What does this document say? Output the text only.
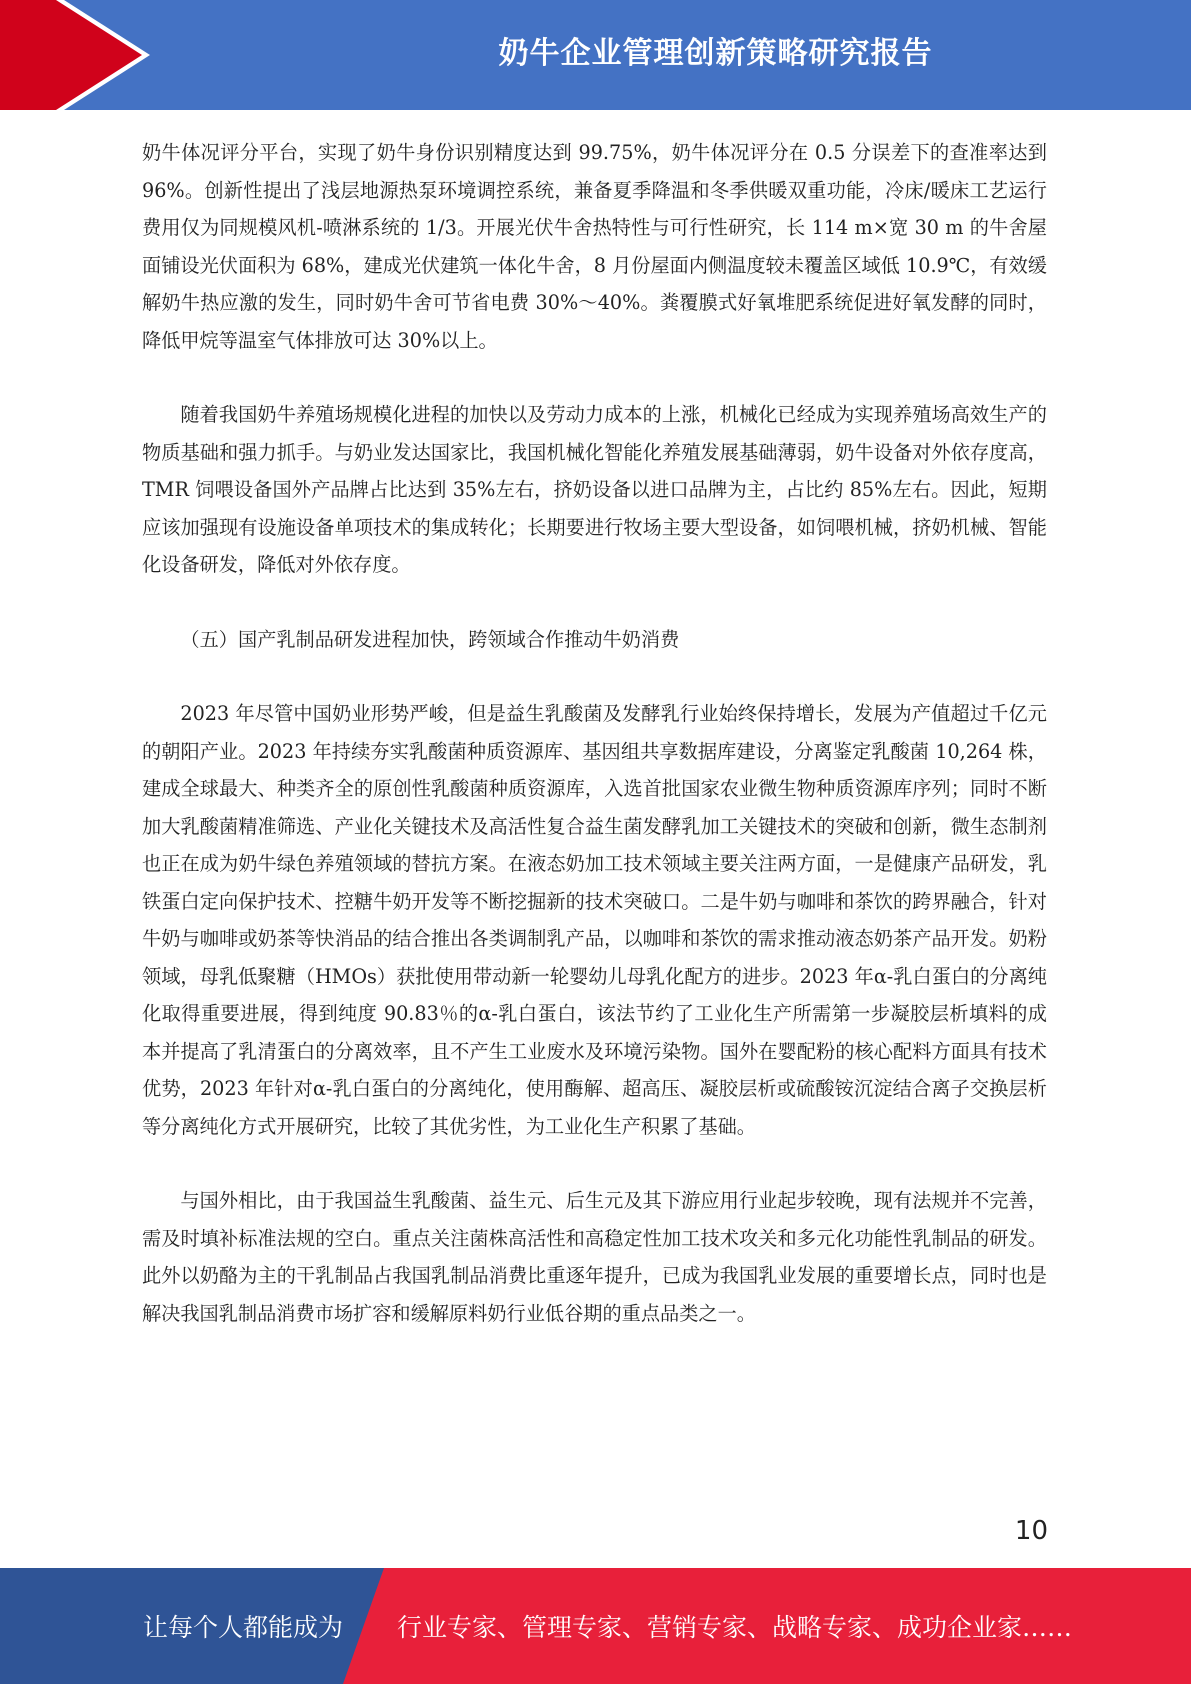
奶牛企业管理创新策略研究报告

奶牛体况评分平台，实现了奶牛身份识别精度达到 99.75%，奶牛体况评分在 0.5 分误差下的查准率达到 96%。创新性提出了浅层地源热泵环境调控系统，兼备夏季降温和冬季供暖双重功能，冷床/暖床工艺运行费用仅为同规模风机-喷淋系统的 1/3。开展光伏牛舍热特性与可行性研究，长 114 m×宽 30 m 的牛舍屋面铺设光伏面积为 68%，建成光伏建筑一体化牛舍，8 月份屋面内侧温度较未覆盖区域低 10.9℃，有效缓解奶牛热应激的发生，同时奶牛舍可节省电费 30%～40%。粪覆膜式好氧堆肥系统促进好氧发酵的同时，降低甲烷等温室气体排放可达 30%以上。

随着我国奶牛养殖场规模化进程的加快以及劳动力成本的上涨，机械化已经成为实现养殖场高效生产的物质基础和强力抓手。与奶业发达国家比，我国机械化智能化养殖发展基础薄弱，奶牛设备对外依存度高，TMR 饲喂设备国外产品牌占比达到 35%左右，挤奶设备以进口品牌为主，占比约 85%左右。因此，短期应该加强现有设施设备单项技术的集成转化；长期要进行牧场主要大型设备，如饲喂机械，挤奶机械、智能化设备研发，降低对外依存度。

（五）国产乳制品研发进程加快，跨领域合作推动牛奶消费

2023 年尽管中国奶业形势严峻，但是益生乳酸菌及发酵乳行业始终保持增长，发展为产值超过千亿元的朝阳产业。2023 年持续夯实乳酸菌种质资源库、基因组共享数据库建设，分离鉴定乳酸菌 10,264 株，建成全球最大、种类齐全的原创性乳酸菌种质资源库，入选首批国家农业微生物种质资源库序列；同时不断加大乳酸菌精准筛选、产业化关键技术及高活性复合益生菌发酵乳加工关键技术的突破和创新，微生态制剂也正在成为奶牛绿色养殖领域的替抗方案。在液态奶加工技术领域主要关注两方面，一是健康产品研发，乳铁蛋白定向保护技术、控糖牛奶开发等不断挖掘新的技术突破口。二是牛奶与咖啡和茶饮的跨界融合，针对牛奶与咖啡或奶茶等快消品的结合推出各类调制乳产品，以咖啡和茶饮的需求推动液态奶茶产品开发。奶粉领域，母乳低聚糖（HMOs）获批使用带动新一轮婴幼儿母乳化配方的进步。2023 年α-乳白蛋白的分离纯化取得重要进展，得到纯度 90.83％的α-乳白蛋白，该法节约了工业化生产所需第一步凝胶层析填料的成本并提高了乳清蛋白的分离效率，且不产生工业废水及环境污染物。国外在婴配粉的核心配料方面具有技术优势，2023 年针对α-乳白蛋白的分离纯化，使用酶解、超高压、凝胶层析或硫酸铵沉淀结合离子交换层析等分离纯化方式开展研究，比较了其优劣性，为工业化生产积累了基础。

与国外相比，由于我国益生乳酸菌、益生元、后生元及其下游应用行业起步较晚，现有法规并不完善，需及时填补标准法规的空白。重点关注菌株高活性和高稳定性加工技术攻关和多元化功能性乳制品的研发。此外以奶酪为主的干乳制品占我国乳制品消费比重逐年提升，已成为我国乳业发展的重要增长点，同时也是解决我国乳制品消费市场扩容和缓解原料奶行业低谷期的重点品类之一。

10
让每个人都能成为 行业专家、管理专家、营销专家、战略专家、成功企业家……
